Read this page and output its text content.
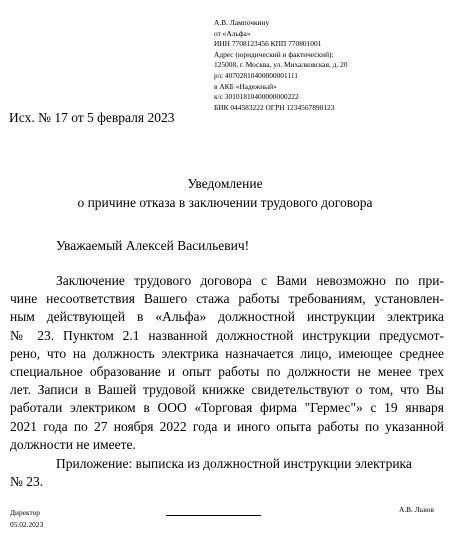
А.В. Лампочкину
от «Альфа»
ИНН 7708123456 КПП 770801001
Адрес (юридический и фактический):
125008, г. Москва, ул. Михалковская, д. 20
р/с 40702810400000001111
в АКБ «Надежный»
к/с 30101810400000000222
БИК 044583222 ОГРН 1234567890123
Исх. № 17 от 5 февраля 2023
Уведомление
о причине отказа в заключении трудового договора
Уважаемый Алексей Васильевич!
Заключение трудового договора с Вами невозможно по при-
чине несоответствия Вашего стажа работы требованиям, установлен-
ным действующей в «Альфа» должностной инструкции электрика
№ 23. Пунктом 2.1 названной должностной инструкции предусмот-
рено, что на должность электрика назначается лицо, имеющее среднее
специальное образование и опыт работы по должности не менее трех
лет. Записи в Вашей трудовой книжке свидетельствуют о том, что Вы
работали электриком в ООО «Торговая фирма "Гермес"» с 19 января
2021 года по 27 ноября 2022 года и иного опыта работы по указанной
должности не имеете.
Приложение: выписка из должностной инструкции электрика
№ 23.
Директор
05.02.2023
А.В. Львов
